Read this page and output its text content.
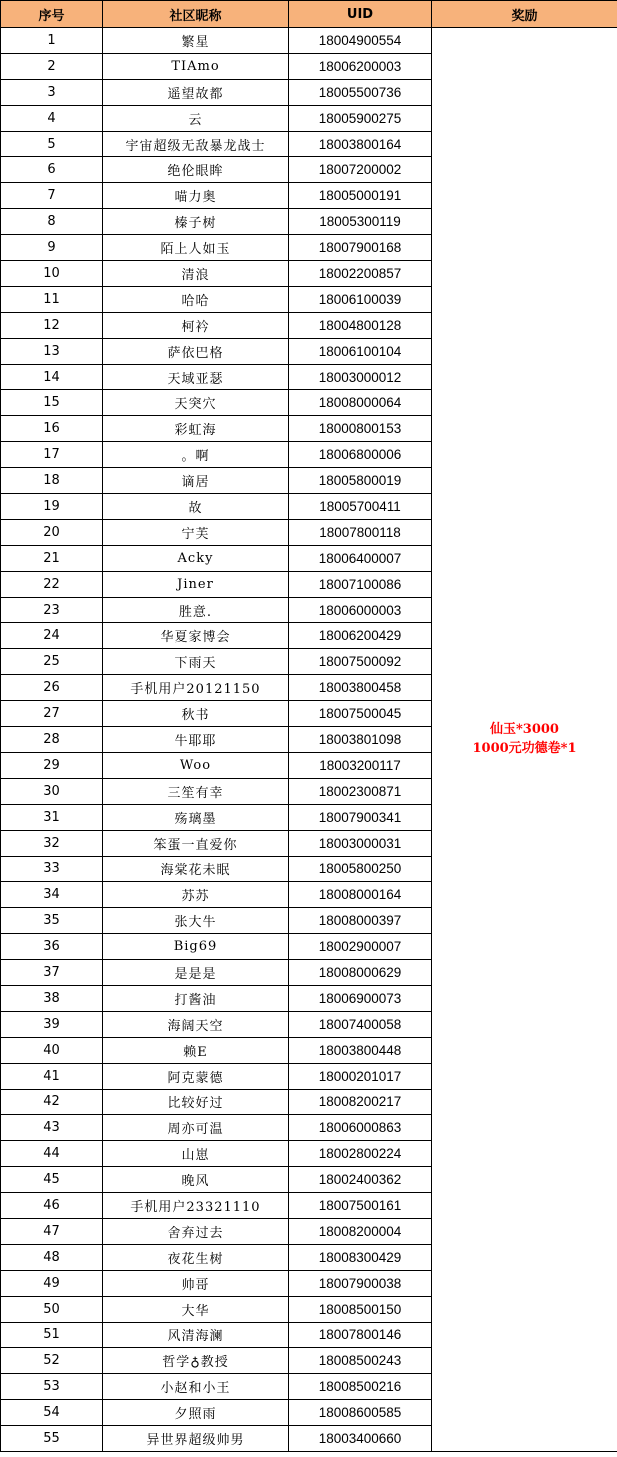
序号	社区昵称	UID	奖励
1	繁星	18004900554	仙玉*3000
1000元功德卷*1

2	TIAmo	18006200003	
3	遥望故都	18005500736	
4	云	18005900275	
5	宇宙超级无敌暴龙战士	18003800164	
6	绝伦眼眸	18007200002	
7	喵力奥	18005000191	
8	榛子树	18005300119	
9	陌上人如玉	18007900168	
10	清浪	18002200857	
11	哈哈	18006100039	
12	柯衿	18004800128	
13	萨依巴格	18006100104	
14	天域亚瑟	18003000012	
15	天突穴	18008000064	
16	彩虹海	18000800153	
17	。啊	18006800006	
18	谪居	18005800019	
19	故	18005700411	
20	宁芙	18007800118	
21	Acky	18006400007	
22	Jiner	18007100086	
23	胜意.	18006000003	
24	华夏家博会	18006200429	
25	下雨天	18007500092	
26	手机用户20121150	18003800458	
27	秋书	18007500045	
28	牛耶耶	18003801098	
29	Woo	18003200117	
30	三笙有幸	18002300871	
31	殇璃墨	18007900341	
32	笨蛋一直爱你	18003000031	
33	海棠花未眠	18005800250	
34	苏苏	18008000164	
35	张大牛	18008000397	
36	Big69	18002900007	
37	是是是	18008000629	
38	打酱油	18006900073	
39	海阔天空	18007400058	
40	赖E	18003800448	
41	阿克蒙德	18000201017	
42	比较好过	18008200217	
43	周亦可温	18006000863	
44	山崽	18002800224	
45	晚风	18002400362	
46	手机用户23321110	18007500161	
47	舍弃过去	18008200004	
48	夜花生树	18008300429	
49	帅哥	18007900038	
50	大华	18008500150	
51	风清海澜	18007800146	
52	哲学♁教授	18008500243	
53	小赵和小王	18008500216	
54	夕照雨	18008600585	
55	异世界超级帅男	18003400660	
